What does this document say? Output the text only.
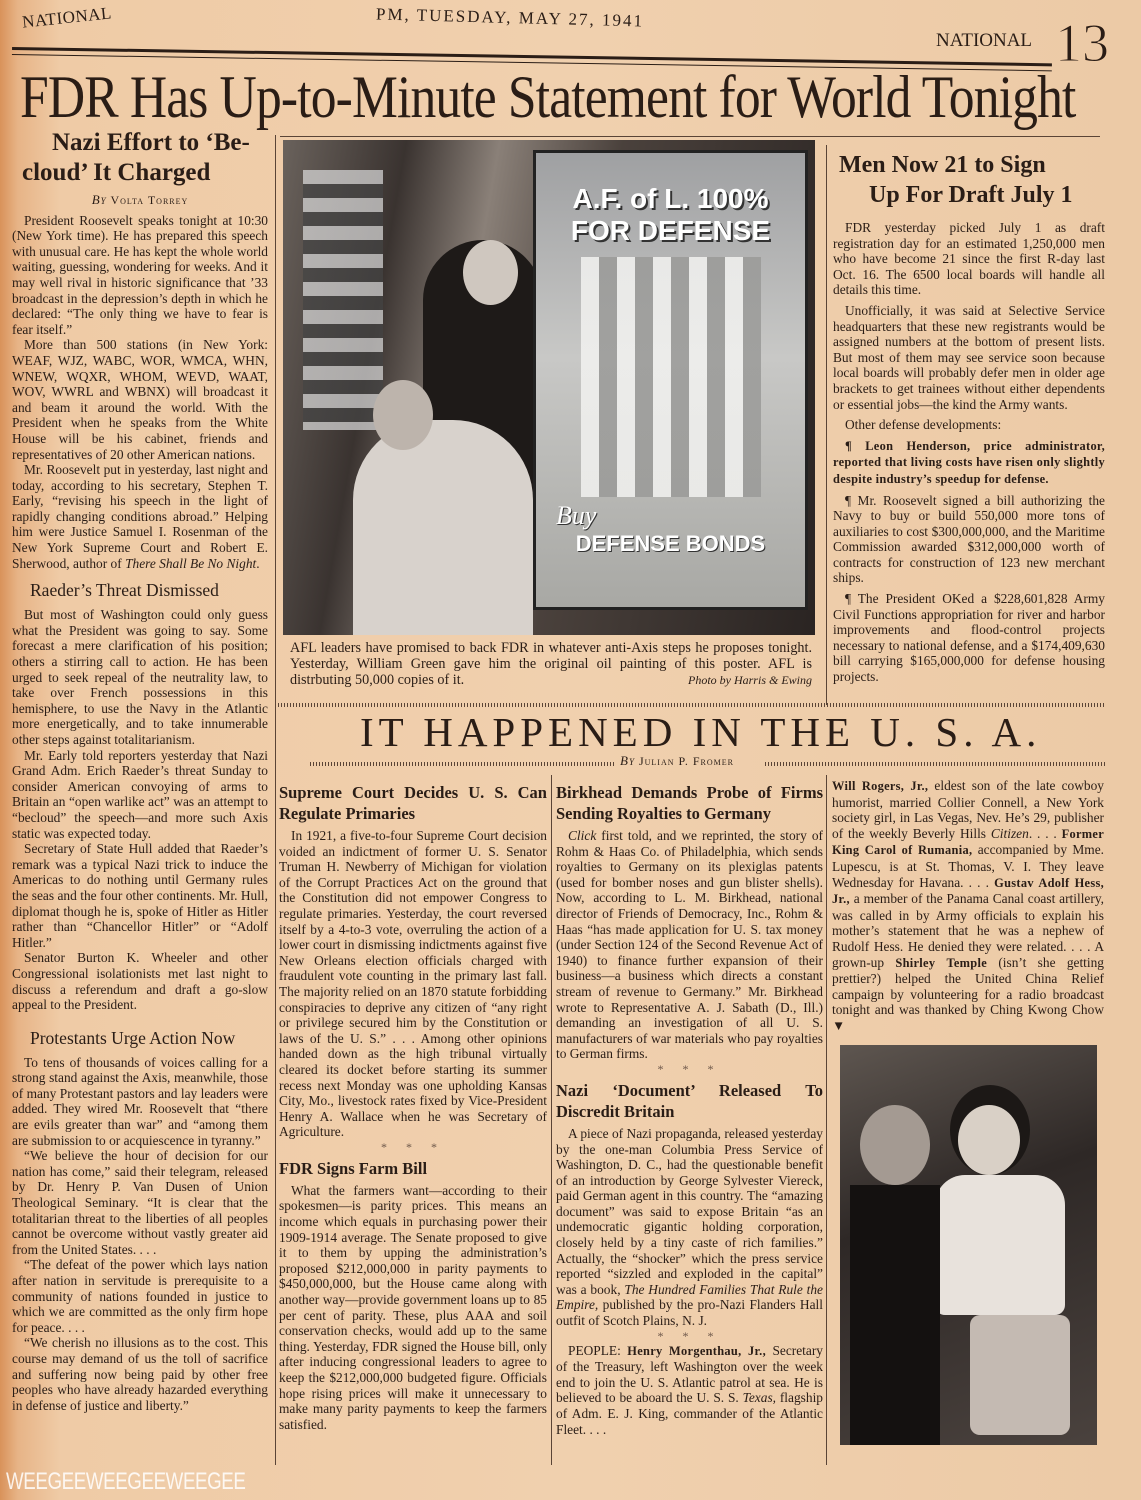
NATIONAL	PM, TUESDAY, MAY 27, 1941
NATIONAL 13
FDR Has Up-to-Minute Statement for World Tonight
Nazi Effort to ‘Be-
cloud’ It Charged
By Volta Torrey

President Roosevelt speaks tonight at 10:30 (New York time). He has prepared this speech with unusual care. He has kept the whole world waiting, guessing, wondering for weeks. And it may well rival in historic significance that ’33 broadcast in the depression’s depth in which he declared: “The only thing we have to fear is fear itself.”

More than 500 stations (in New York: WEAF, WJZ, WABC, WOR, WMCA, WHN, WNEW, WQXR, WHOM, WEVD, WAAT, WOV, WWRL and WBNX) will broadcast it and beam it around the world. With the President when he speaks from the White House will be his cabinet, friends and representatives of 20 other American nations.

Mr. Roosevelt put in yesterday, last night and today, according to his secretary, Stephen T. Early, “revising his speech in the light of rapidly changing conditions abroad.” Helping him were Justice Samuel I. Rosenman of the New York Supreme Court and Robert E. Sherwood, author of There Shall Be No Night.

Raeder’s Threat Dismissed

But most of Washington could only guess what the President was going to say. Some forecast a mere clarification of his position; others a stirring call to action. He has been urged to seek repeal of the neutrality law, to take over French possessions in this hemisphere, to use the Navy in the Atlantic more energetically, and to take innumerable other steps against totalitarianism.

Mr. Early told reporters yesterday that Nazi Grand Adm. Erich Raeder’s threat Sunday to consider American convoying of arms to Britain an “open warlike act” was an attempt to “becloud” the speech—and more such Axis static was expected today.

Secretary of State Hull added that Raeder’s remark was a typical Nazi trick to induce the Americas to do nothing until Germany rules the seas and the four other continents. Mr. Hull, diplomat though he is, spoke of Hitler as Hitler rather than “Chancellor Hitler” or “Adolf Hitler.”

Senator Burton K. Wheeler and other Congressional isolationists met last night to discuss a referendum and draft a go-slow appeal to the President.

Protestants Urge Action Now

To tens of thousands of voices calling for a strong stand against the Axis, meanwhile, those of many Protestant pastors and lay leaders were added. They wired Mr. Roosevelt that “there are evils greater than war” and “among them are submission to or acquiescence in tyranny.”

“We believe the hour of decision for our nation has come,” said their telegram, released by Dr. Henry P. Van Dusen of Union Theological Seminary. “It is clear that the totalitarian threat to the liberties of all peoples cannot be overcome without vastly greater aid from the United States. . . .

“The defeat of the power which lays nation after nation in servitude is prerequisite to a community of nations founded in justice to which we are committed as the only firm hope for peace. . . .

“We cherish no illusions as to the cost. This course may demand of us the toll of sacrifice and suffering now being paid by other free peoples who have already hazarded everything in defense of justice and liberty.”

A.F. of L. 100%
FOR DEFENSE
Buy
DEFENSE BONDS
AFL leaders have promised to back FDR in whatever anti-Axis steps he proposes tonight. Yesterday, William Green gave him the original oil painting of this poster. AFL is distrbuting 50,000 copies of it.	Photo by Harris & Ewing
Men Now 21 to Sign
Up For Draft July 1

FDR yesterday picked July 1 as draft registration day for an estimated 1,250,000 men who have become 21 since the first R-day last Oct. 16. The 6500 local boards will handle all details this time.

Unofficially, it was said at Selective Service headquarters that these new registrants would be assigned numbers at the bottom of present lists. But most of them may see service soon because local boards will probably defer men in older age brackets to get trainees without either dependents or essential jobs—the kind the Army wants.

Other defense developments:

¶ Leon Henderson, price administrator, reported that living costs have risen only slightly despite industry’s speedup for defense.

¶ Mr. Roosevelt signed a bill authorizing the Navy to buy or build 550,000 more tons of auxiliaries to cost $300,000,000, and the Maritime Commission awarded $312,000,000 worth of contracts for construction of 123 new merchant ships.

¶ The President OKed a $228,601,828 Army Civil Functions appropriation for river and harbor improvements and flood-control projects necessary to national defense, and a $174,409,630 bill carrying $165,000,000 for defense housing projects.

IT HAPPENED IN THE U. S. A.
By Julian P. Fromer
Supreme Court Decides U. S. Can Regulate Primaries

In 1921, a five-to-four Supreme Court decision voided an indictment of former U. S. Senator Truman H. Newberry of Michigan for violation of the Corrupt Practices Act on the ground that the Constitution did not empower Congress to regulate primaries. Yesterday, the court reversed itself by a 4-to-3 vote, overruling the action of a lower court in dismissing indictments against five New Orleans election officials charged with fraudulent vote counting in the primary last fall. The majority relied on an 1870 statute forbidding conspiracies to deprive any citizen of “any right or privilege secured him by the Constitution or laws of the U. S.” . . . Among other opinions handed down as the high tribunal virtually cleared its docket before starting its summer recess next Monday was one upholding Kansas City, Mo., livestock rates fixed by Vice-President Henry A. Wallace when he was Secretary of Agriculture.

* * *
FDR Signs Farm Bill

What the farmers want—according to their spokesmen—is parity prices. This means an income which equals in purchasing power their 1909-1914 average. The Senate proposed to give it to them by upping the administration’s proposed $212,000,000 in parity payments to $450,000,000, but the House came along with another way—provide government loans up to 85 per cent of parity. These, plus AAA and soil conservation checks, would add up to the same thing. Yesterday, FDR signed the House bill, only after inducing congressional leaders to agree to keep the $212,000,000 budgeted figure. Officials hope rising prices will make it unnecessary to make many parity payments to keep the farmers satisfied.

Birkhead Demands Probe of Firms Sending Royalties to Germany

Click first told, and we reprinted, the story of Rohm & Haas Co. of Philadelphia, which sends royalties to Germany on its plexiglas patents (used for bomber noses and gun blister shells). Now, according to L. M. Birkhead, national director of Friends of Democracy, Inc., Rohm & Haas “has made application for U. S. tax money (under Section 124 of the Second Revenue Act of 1940) to finance further expansion of their business—a business which directs a constant stream of revenue to Germany.” Mr. Birkhead wrote to Representative A. J. Sabath (D., Ill.) demanding an investigation of all U. S. manufacturers of war materials who pay royalties to German firms.

* * *
Nazi ‘Document’ Released To Discredit Britain

A piece of Nazi propaganda, released yesterday by the one-man Columbia Press Service of Washington, D. C., had the questionable benefit of an introduction by George Sylvester Viereck, paid German agent in this country. The “amazing document” was said to expose Britain “as an undemocratic gigantic holding corporation, closely held by a tiny caste of rich families.” Actually, the “shocker” which the press service reported “sizzled and exploded in the capital” was a book, The Hundred Families That Rule the Empire, published by the pro-Nazi Flanders Hall outfit of Scotch Plains, N. J.

* * *

PEOPLE: Henry Morgenthau, Jr., Secretary of the Treasury, left Washington over the week end to join the U. S. Atlantic patrol at sea. He is believed to be aboard the U. S. S. Texas, flagship of Adm. E. J. King, commander of the Atlantic Fleet. . . .

Will Rogers, Jr., eldest son of the late cowboy humorist, married Collier Connell, a New York society girl, in Las Vegas, Nev. He’s 29, publisher of the weekly Beverly Hills Citizen. . . . Former King Carol of Rumania, accompanied by Mme. Lupescu, is at St. Thomas, V. I. They leave Wednesday for Havana. . . . Gustav Adolf Hess, Jr., a member of the Panama Canal coast artillery, was called in by Army officials to explain his mother’s statement that he was a nephew of Rudolf Hess. He denied they were related. . . . A grown-up Shirley Temple (isn’t she getting prettier?) helped the United China Relief campaign by volunteering for a radio broadcast tonight and was thanked by Ching Kwong Chow ▼

WEEGEEWEEGEEWEEGEE
